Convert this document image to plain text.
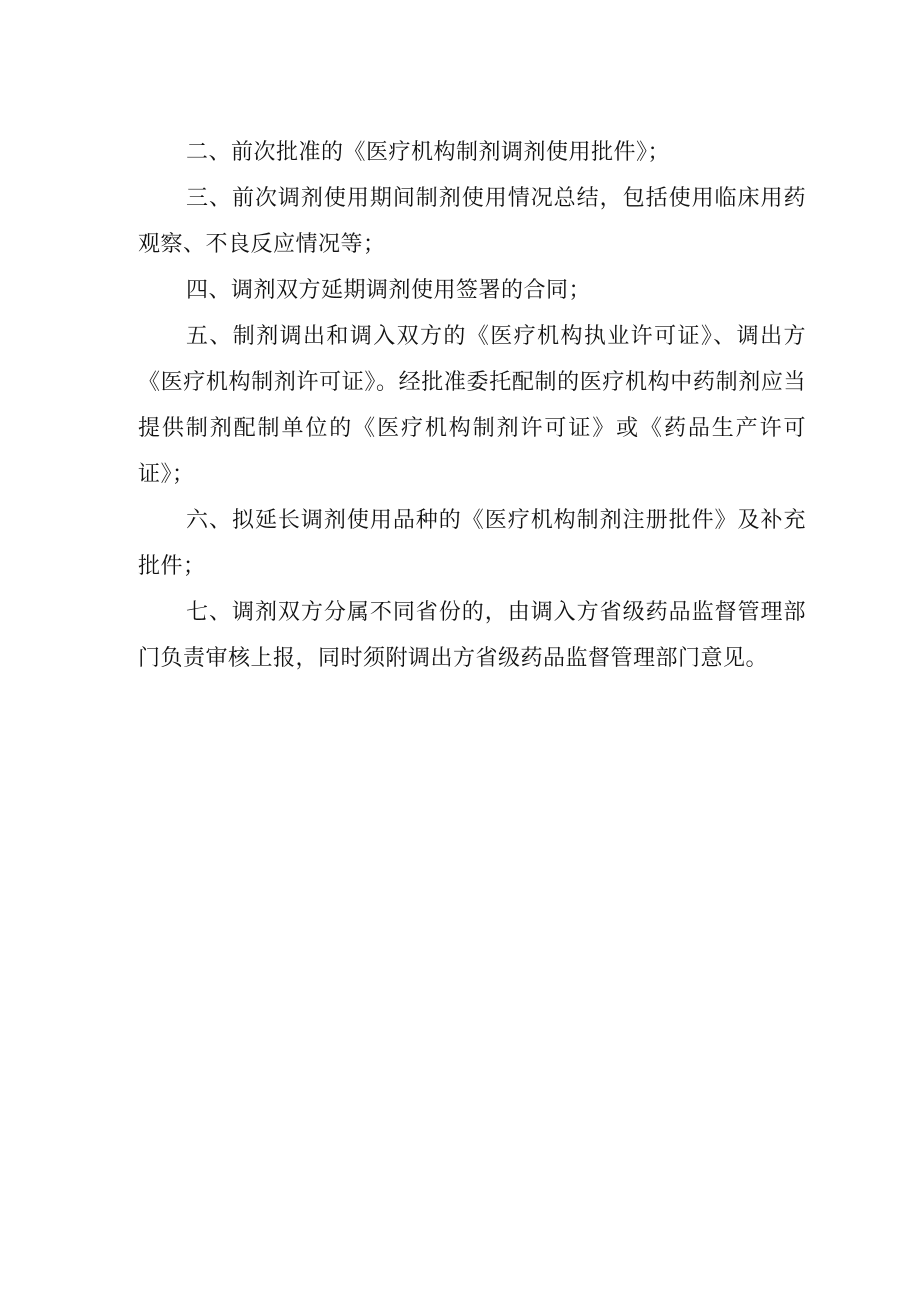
二、前次批准的《医疗机构制剂调剂使用批件》；

三、前次调剂使用期间制剂使用情况总结，包括使用临床用药观察、不良反应情况等；

四、调剂双方延期调剂使用签署的合同；

五、制剂调出和调入双方的《医疗机构执业许可证》、调出方《医疗机构制剂许可证》。经批准委托配制的医疗机构中药制剂应当提供制剂配制单位的《医疗机构制剂许可证》或《药品生产许可证》；

六、拟延长调剂使用品种的《医疗机构制剂注册批件》及补充批件；

七、调剂双方分属不同省份的，由调入方省级药品监督管理部门负责审核上报，同时须附调出方省级药品监督管理部门意见。
